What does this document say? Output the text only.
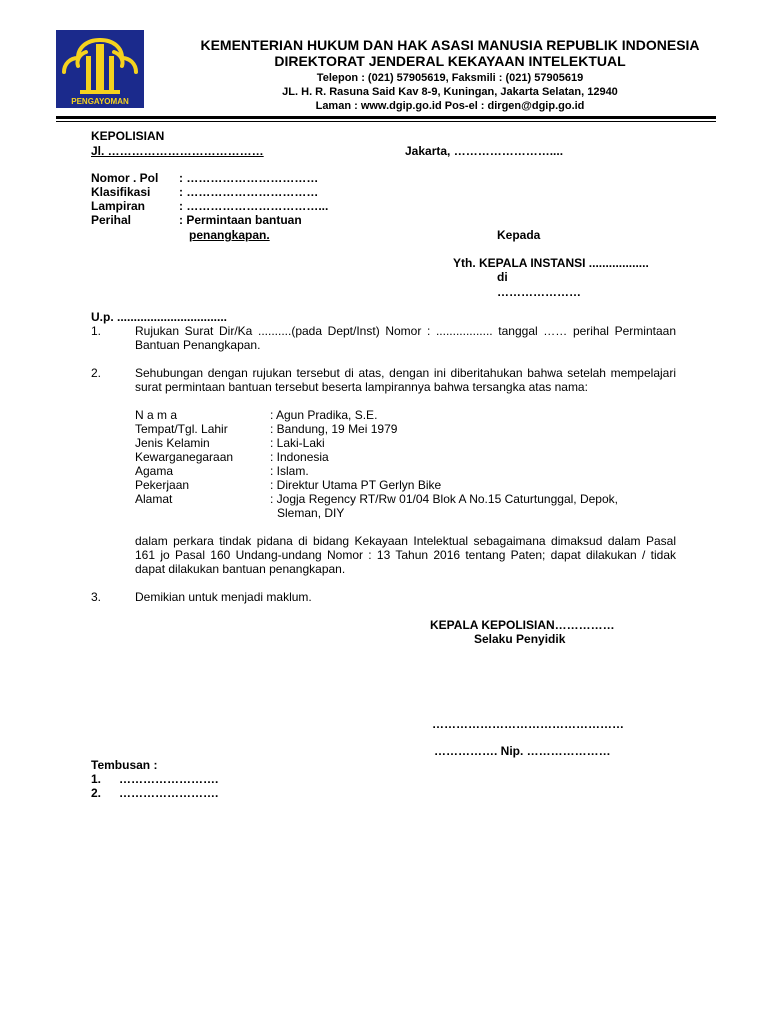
PENGAYOMAN
KEMENTERIAN HUKUM DAN HAK ASASI MANUSIA REPUBLIK INDONESIA
DIREKTORAT JENDERAL KEKAYAAN INTELEKTUAL
Telepon : (021) 57905619, Faksmili : (021) 57905619
JL. H. R. Rasuna Said Kav 8-9, Kuningan, Jakarta Selatan, 12940
Laman : www.dgip.go.id Pos-el : dirgen@dgip.go.id
KEPOLISIAN
Jl. …………………………………	Jakarta, ……………………....
Nomor . Pol : ……………………………
Klasifikasi : ……………………………
Lampiran	: ……………………………...
Perihal	: Permintaan bantuan
penangkapan.	Kepada
Yth. KEPALA INSTANSI ..................
di
…………………
U.p. .................................
1.	Rujukan Surat Dir/Ka ..........(pada Dept/Inst) Nomor : ................. tanggal …… perihal Permintaan Bantuan Penangkapan.
2.	Sehubungan dengan rujukan tersebut di atas, dengan ini diberitahukan bahwa setelah mempelajari surat permintaan bantuan tersebut beserta lampirannya bahwa tersangka atas nama:
N a m a	: Agun Pradika, S.E.
Tempat/Tgl. Lahir	: Bandung, 19 Mei 1979
Jenis Kelamin	: Laki-Laki
Kewarganegaraan	: Indonesia
Agama	: Islam.
Pekerjaan	: Direktur Utama PT Gerlyn Bike
Alamat	: Jogja Regency RT/Rw 01/04 Blok A No.15 Caturtunggal, Depok,
Sleman, DIY
dalam perkara tindak pidana di bidang Kekayaan Intelektual sebagaimana dimaksud dalam Pasal 161 jo Pasal 160 Undang-undang Nomor : 13 Tahun 2016 tentang Paten; dapat dilakukan / tidak dapat dilakukan bantuan penangkapan.
3.	Demikian untuk menjadi maklum.
KEPALA KEPOLISIAN……………
Selaku Penyidik
…………………………………………
……………. Nip. …………………
Tembusan :
1. …………………….
2. …………………….
